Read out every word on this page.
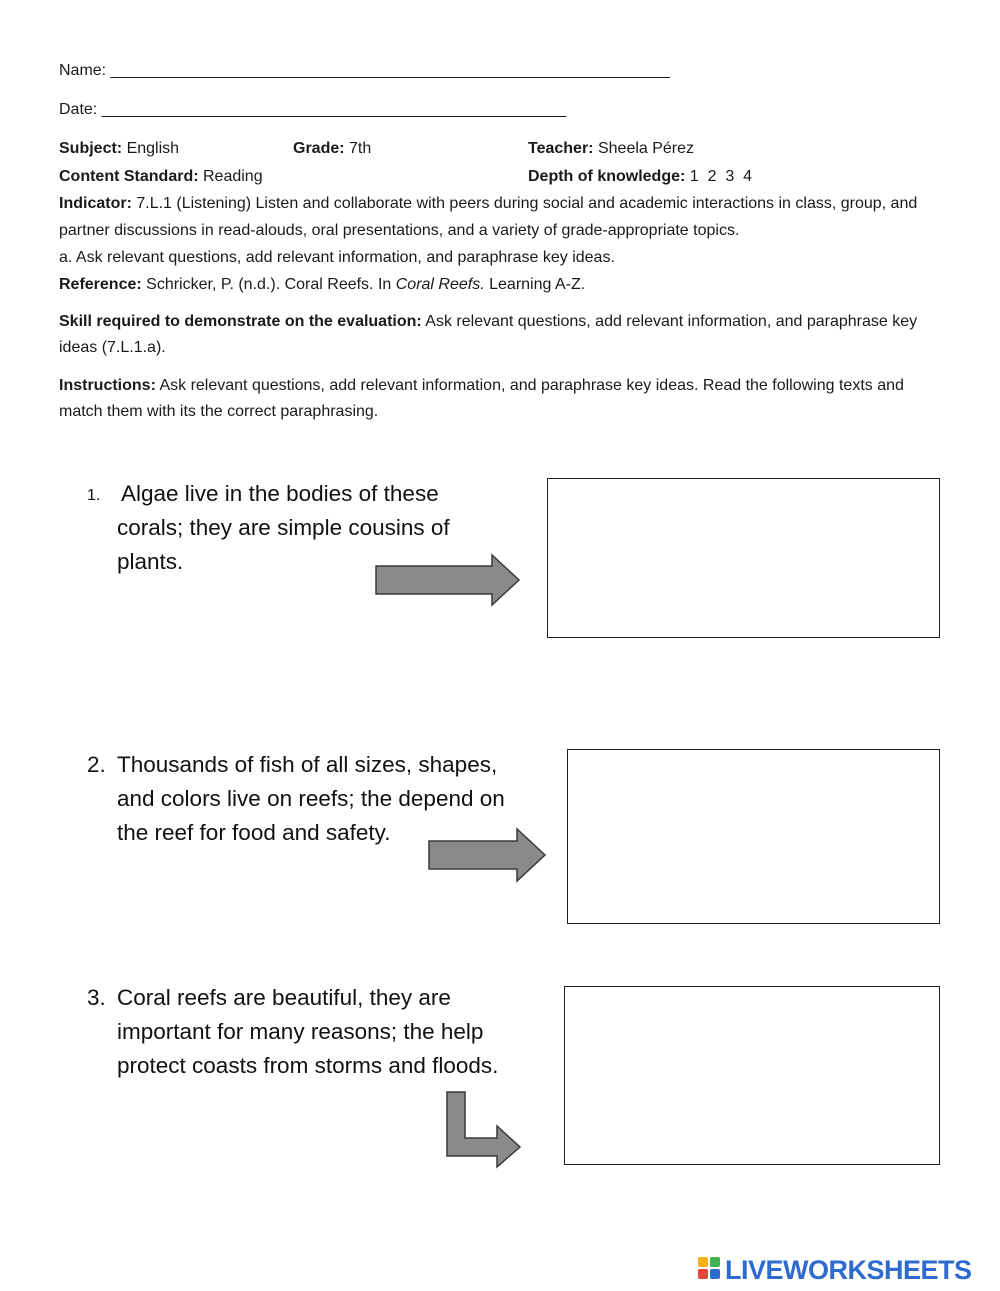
Name: _________________________________________________________________
Date: ______________________________________________________
Subject: English	Grade: 7th	Teacher: Sheela Pérez
Content Standard: Reading	Depth of knowledge: 1  2  3  4
Indicator: 7.L.1 (Listening) Listen and collaborate with peers during social and academic interactions in class, group, and partner discussions in read-alouds, oral presentations, and a variety of grade-appropriate topics.
a. Ask relevant questions, add relevant information, and paraphrase key ideas.
Reference: Schricker, P. (n.d.). Coral Reefs. In Coral Reefs. Learning A-Z.
Skill required to demonstrate on the evaluation: Ask relevant questions, add relevant information, and paraphrase key ideas (7.L.1.a).
Instructions: Ask relevant questions, add relevant information, and paraphrase key ideas. Read the following texts and match them with its the correct paraphrasing.
1. Algae live in the bodies of these
corals; they are simple cousins of
plants.
2. Thousands of fish of all sizes, shapes,
and colors live on reefs; the depend on
the reef for food and safety.
3. Coral reefs are beautiful, they are
important for many reasons; the help
protect coasts from storms and floods.
LIVEWORKSHEETS
